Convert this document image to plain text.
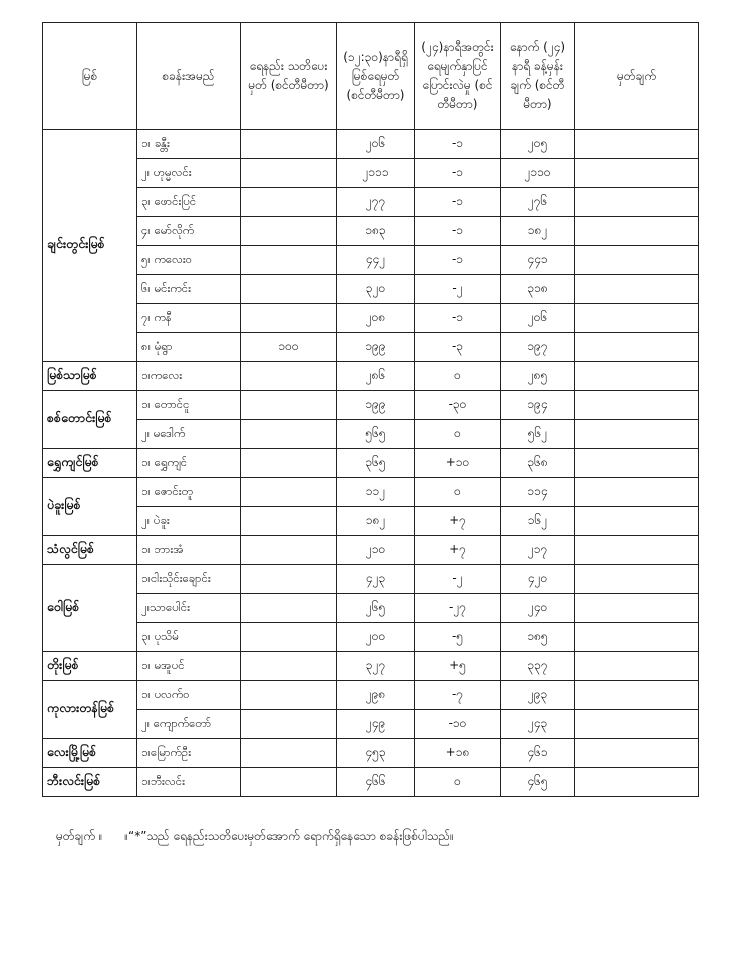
မြစ်	စခန်းအမည်	ရေနည်း သတိပေးမှတ် (စင်တီမီတာ)	(၁၂:၃၀)နာရီရှိ မြစ်ရေမှတ် (စင်တီမီတာ)	(၂၄)နာရီအတွင်း ရေမျက်နှာပြင် ပြောင်းလဲမှု (စင်တီမီတာ)	နောက် (၂၄) နာရီ ခန့်မှန်းချက် (စင်တီမီတာ)	မှတ်ချက်
ချင်းတွင်းမြစ်	၁။ ခန္တီး		၂၀၆	-၁	၂၀၅	
	၂။ ဟုမ္မလင်း		၂၁၁၁	-၁	၂၁၁၀	
	၃။ ဖောင်းပြင်		၂၇၇	-၁	၂၇၆	
	၄။ မော်လိုက်		၁၈၃	-၁	၁၈၂	
	၅။ ကလေးဝ		၄၄၂	-၁	၄၄၁	
	၆။ မင်းကင်း		၃၂၀	-၂	၃၁၈	
	၇။ ကနီ		၂၀၈	-၁	၂၀၆	
	၈။ မုံရွာ	၁၀၀	၁၉၉	-၃	၁၉၇	
မြစ်သာမြစ်	၁။ကလေး		၂၈၆	၀	၂၈၅	
စစ်တောင်းမြစ်	၁။ တောင်ငူ		၁၉၉	-၃၀	၁၉၄	
	၂။ မဒေါက်		၅၆၅	၀	၅၆၂	
ရွှေကျင်မြစ်	၁။ ရွှေကျင်		၃၆၅	+၁၀	၃၆၈	
ပဲခူးမြစ်	၁။ ဇောင်းတူ		၁၁၂	၀	၁၁၄	
	၂။ ပဲခူး		၁၈၂	+၇	၁၆၂	
သံလွင်မြစ်	၁။ ဘားအံ		၂၁၀	+၇	၂၁၇	
ဝေါမြစ်	၁။ငါးသိုင်းချောင်း		၄၂၃	-၂	၄၂၀	
	၂။သာပေါင်း		၂၆၅	-၂၇	၂၄၀	
	၃။ ပုသိမ်		၂၀၀	-၅	၁၈၅	
တိုးမြစ်	၁။ မအူပင်		၃၂၇	+၅	၃၃၇	
ကုလားတန်မြစ်	၁။ ပလက်ဝ		၂၉၈	-၇	၂၉၃	
	၂။ ကျောက်တော်		၂၄၉	-၁၀	၂၄၃	
လေးမြို့မြစ်	၁။မြောက်ဦး		၄၅၃	+၁၈	၄၆၁	
ဘီးလင်းမြစ်	၁။ဘီးလင်း		၄၆၆	၀	၄၆၅	
မှတ်ချက် ။ ။“*”သည် ရေနည်းသတိပေးမှတ်အောက် ရောက်ရှိနေသော စခန်းဖြစ်ပါသည်။
